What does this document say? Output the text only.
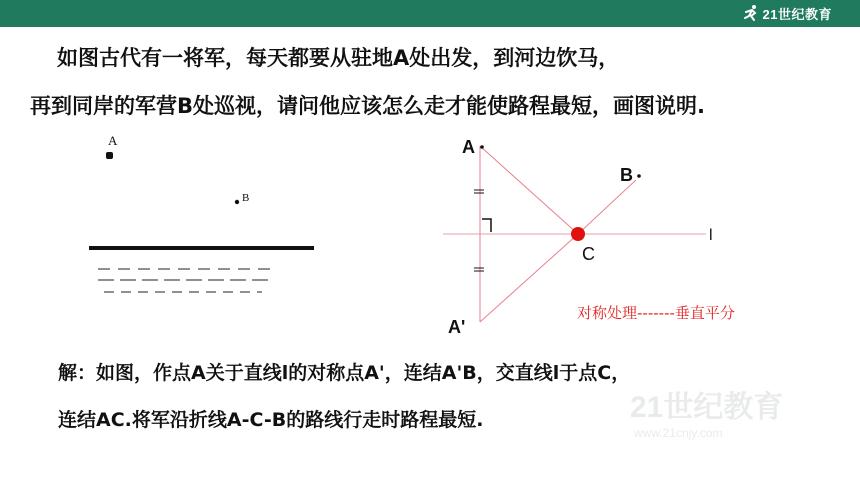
21世纪教育
如图古代有一将军，每天都要从驻地A处出发，到河边饮马，
再到同岸的军营B处巡视，请问他应该怎么走才能使路程最短，画图说明.
A
B
A
B
C
l
A'
对称处理-------垂直平分
解：如图，作点A关于直线l的对称点A'，连结A'B，交直线l于点C，
连结AC.将军沿折线A-C-B的路线行走时路程最短.	21世纪教育
www.21cnjy.com
